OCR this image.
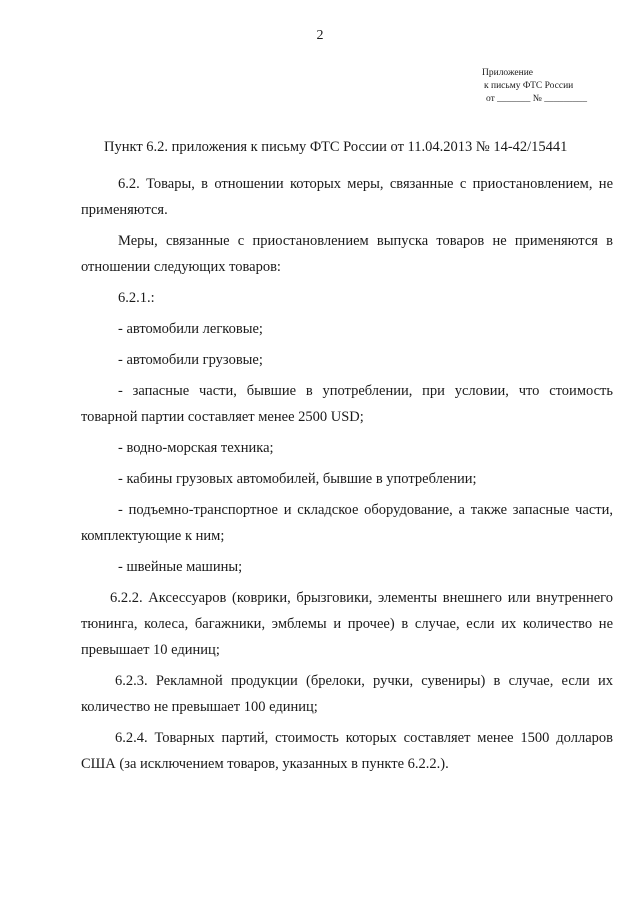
2
Приложение
к письму ФТС России
от _______ № _________
Пункт 6.2. приложения к письму ФТС России от 11.04.2013 № 14-42/15441

6.2. Товары, в отношении которых меры, связанные с приостановлением, не применяются.

Меры, связанные с приостановлением выпуска товаров не применяются в отношении следующих товаров:

6.2.1.:

- автомобили легковые;

- автомобили грузовые;

- запасные части, бывшие в употреблении, при условии, что стоимость товарной партии составляет менее 2500 USD;

- водно-морская техника;

- кабины грузовых автомобилей, бывшие в употреблении;

- подъемно-транспортное и складское оборудование, а также запасные части, комплектующие к ним;

- швейные машины;

6.2.2. Аксессуаров (коврики, брызговики, элементы внешнего или внутреннего тюнинга, колеса, багажники, эмблемы и прочее) в случае, если их количество не превышает 10 единиц;

6.2.3. Рекламной продукции (брелоки, ручки, сувениры) в случае, если их количество не превышает 100 единиц;

6.2.4. Товарных партий, стоимость которых составляет менее 1500 долларов США (за исключением товаров, указанных в пункте 6.2.2.).
